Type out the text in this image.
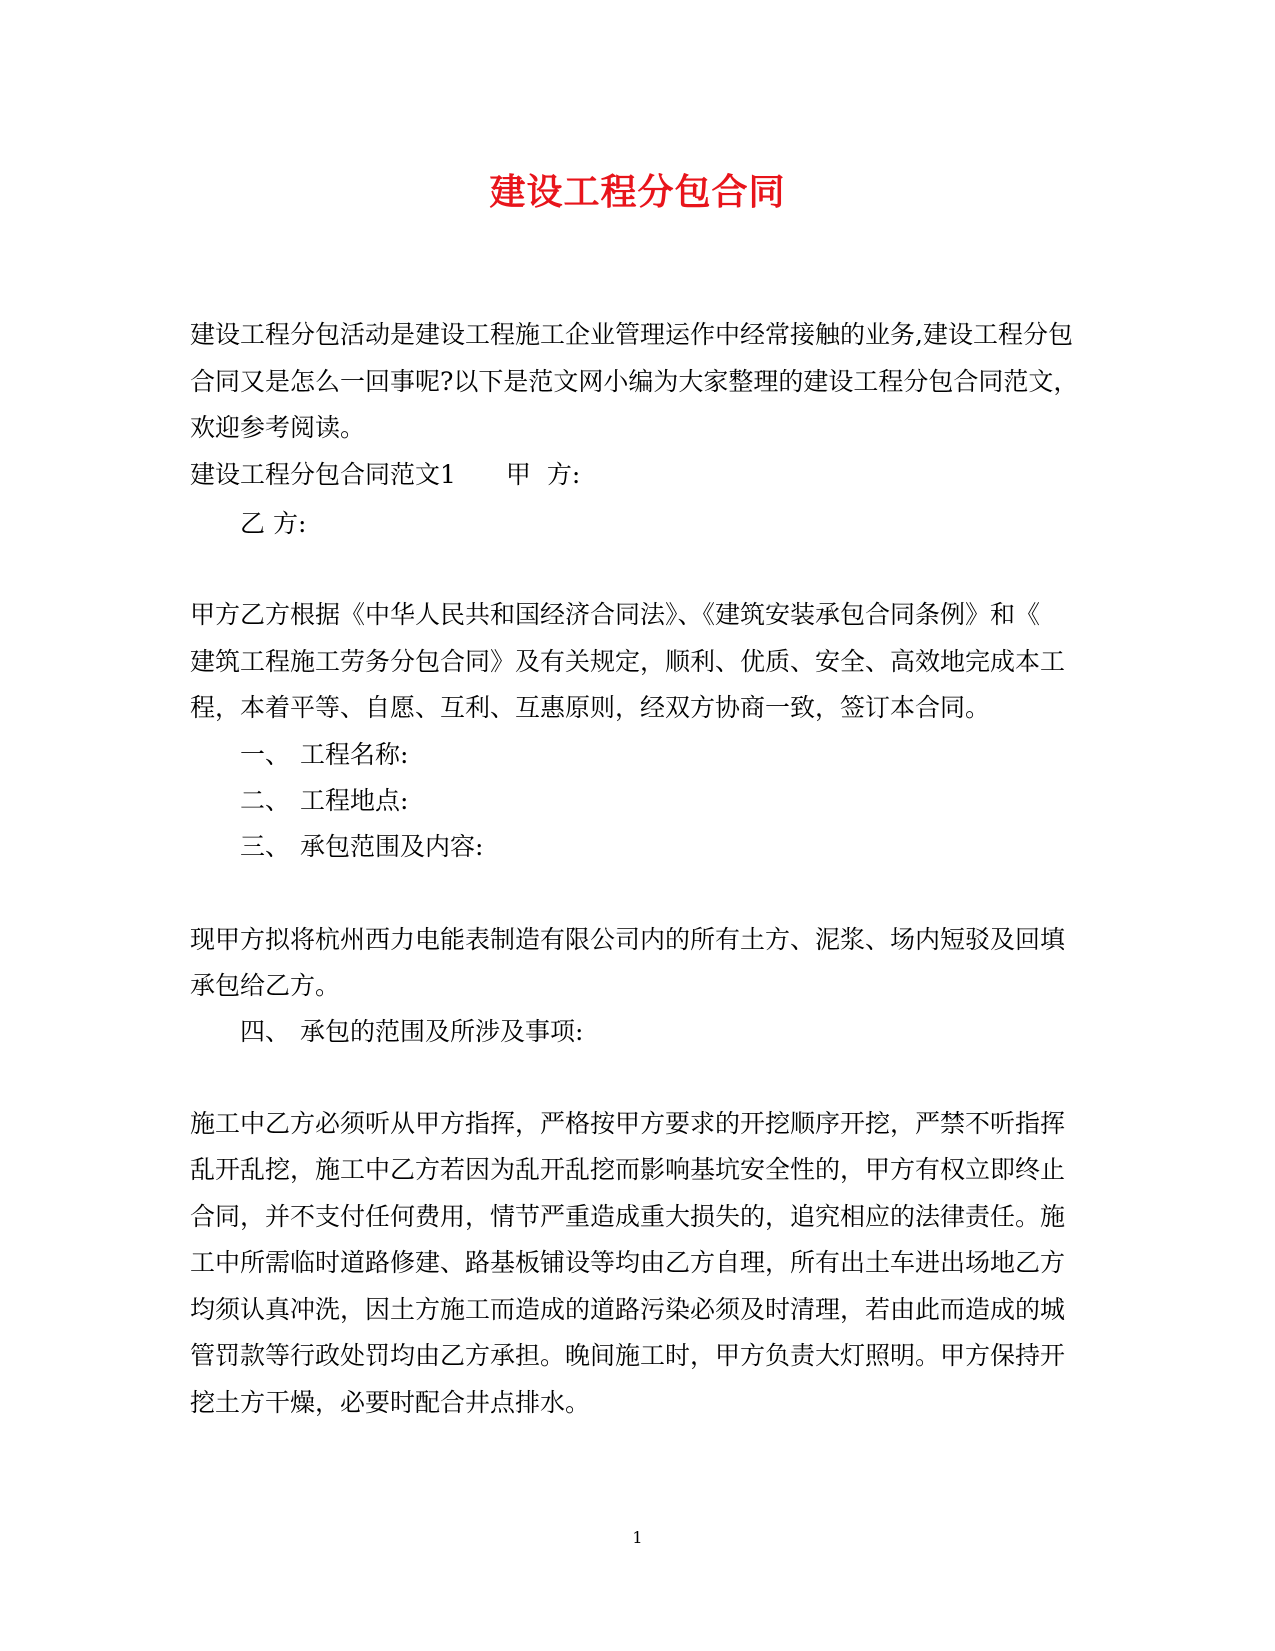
建设工程分包合同
建设工程分包活动是建设工程施工企业管理运作中经常接触的业务,建设工程分包
合同又是怎么一回事呢?以下是范文网小编为大家整理的建设工程分包合同范文，
欢迎参考阅读。
建设工程分包合同范文1 甲  方:
乙 方:
甲方乙方根据《中华人民共和国经济合同法》、《建筑安装承包合同条例》和《
建筑工程施工劳务分包合同》及有关规定，顺利、优质、安全、高效地完成本工
程，本着平等、自愿、互利、互惠原则，经双方协商一致，签订本合同。
一、 工程名称:
二、 工程地点:
三、 承包范围及内容:
现甲方拟将杭州西力电能表制造有限公司内的所有土方、泥浆、场内短驳及回填
承包给乙方。
四、 承包的范围及所涉及事项:
施工中乙方必须听从甲方指挥，严格按甲方要求的开挖顺序开挖，严禁不听指挥
乱开乱挖，施工中乙方若因为乱开乱挖而影响基坑安全性的，甲方有权立即终止
合同，并不支付任何费用，情节严重造成重大损失的，追究相应的法律责任。施
工中所需临时道路修建、路基板铺设等均由乙方自理，所有出土车进出场地乙方
均须认真冲洗，因土方施工而造成的道路污染必须及时清理，若由此而造成的城
管罚款等行政处罚均由乙方承担。晚间施工时，甲方负责大灯照明。甲方保持开
挖土方干燥，必要时配合井点排水。
1
